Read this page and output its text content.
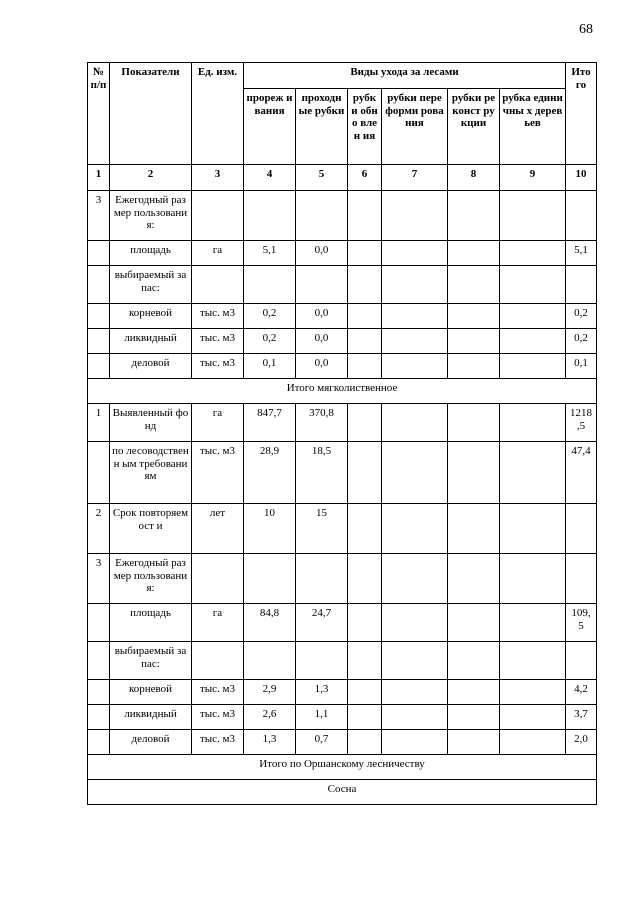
68
№ п/п	Показатели	Ед. изм.	Виды ухода за лесами						Ито го
			прореж ивания	проходн ые рубки	рубк и обно влен ия	рубки переформи рования	рубки реконст рукции	рубка единичны х деревьев	
1	2	3	4	5	6	7	8	9	10
3	Ежегодный размер пользования:								
	площадь	га	5,1	0,0					5,1
	выбираемый запас:								
	корневой	тыс. м3	0,2	0,0					0,2
	ликвидный	тыс. м3	0,2	0,0					0,2
	деловой	тыс. м3	0,1	0,0					0,1
Итого мягколиственное									
1	Выявленный фонд	га	847,7	370,8					1218 ,5
	по лесоводственн ым требованиям	тыс. м3	28,9	18,5					47,4
2	Срок повторяемост и	лет	10	15					
3	Ежегодный размер пользования:								
	площадь	га	84,8	24,7					109, 5
	выбираемый запас:								
	корневой	тыс. м3	2,9	1,3					4,2
	ликвидный	тыс. м3	2,6	1,1					3,7
	деловой	тыс. м3	1,3	0,7					2,0
Итого по Оршанскому лесничеству									
Сосна									
